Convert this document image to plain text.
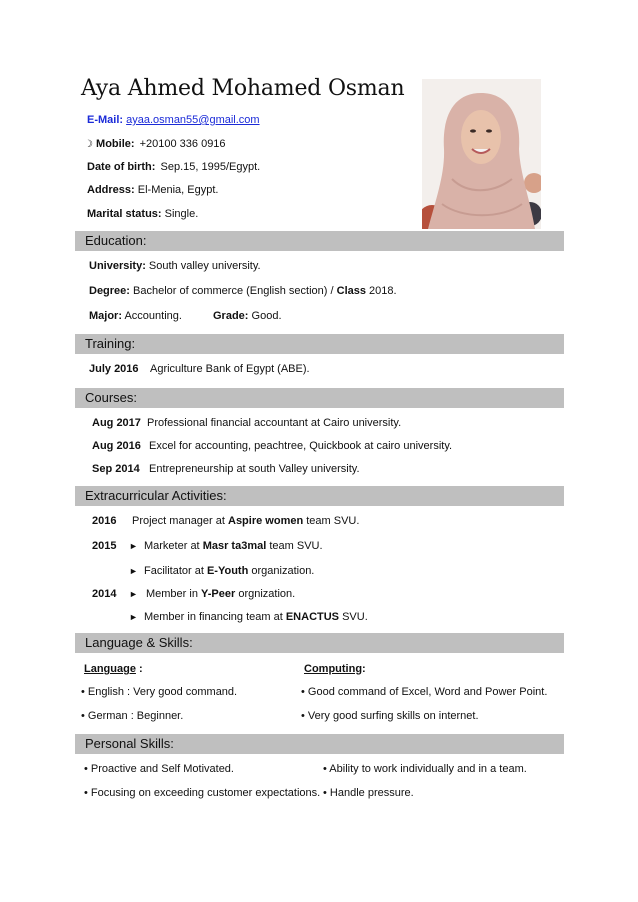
Aya Ahmed Mohamed Osman
E-Mail: ayaa.osman55@gmail.com
☽ Mobile: +20100 336 0916
Date of birth: Sep.15, 1995/Egypt.
Address: El-Menia, Egypt.
Marital status: Single.
Education:
University: South valley university.
Degree: Bachelor of commerce (English section) / Class 2018.
Major: Accounting.	Grade: Good.
Training:
July 2016 Agriculture Bank of Egypt (ABE).
Courses:
Aug 2017 Professional financial accountant at Cairo university.
Aug 2016 Excel for accounting, peachtree, Quickbook at cairo university.
Sep 2014 Entrepreneurship at south Valley university.
Extracurricular Activities:
2016 Project manager at Aspire women team SVU.
2015 ► Marketer at Masr ta3mal team SVU.
► Facilitator at E-Youth organization.
2014 ► Member in Y-Peer orgnization.
► Member in financing team at ENACTUS SVU.
Language & Skills:
Language :	Computing:
• English : Very good command.
• German : Beginner.
• Good command of Excel, Word and Power Point.
• Very good surfing skills on internet.
Personal Skills:
• Proactive and Self Motivated.
• Focusing on exceeding customer expectations.
• Ability to work individually and in a team.
• Handle pressure.
